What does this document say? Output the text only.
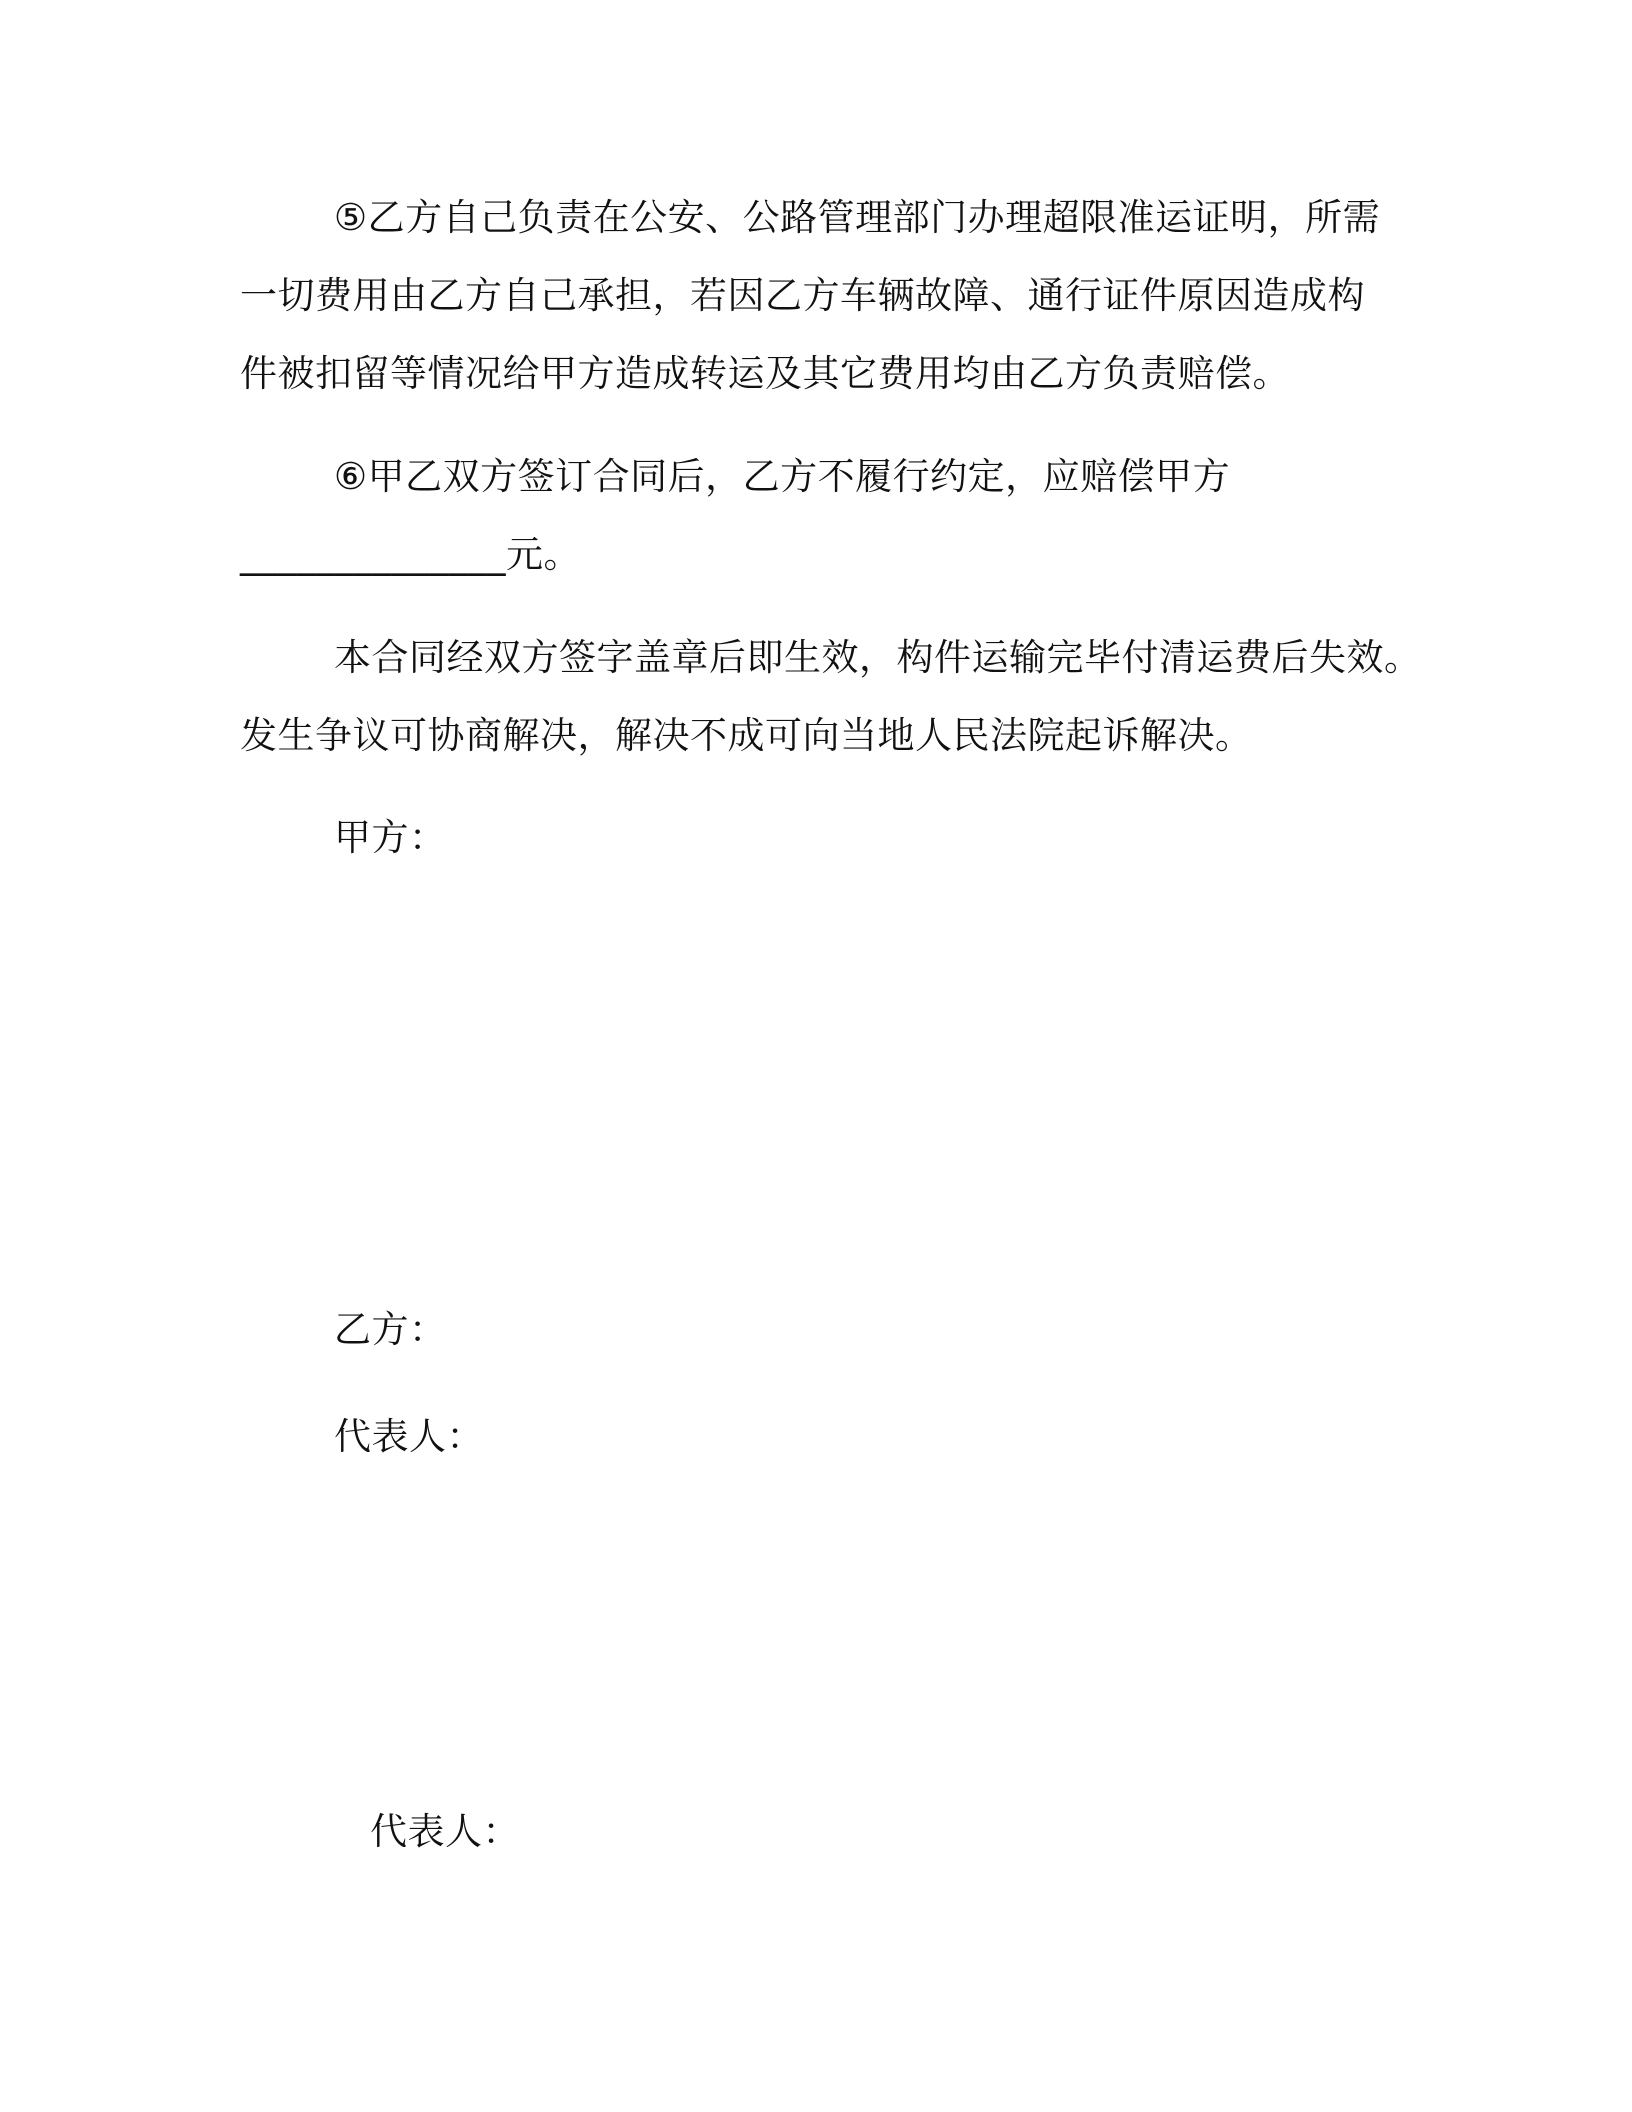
⑤乙方自己负责在公安、公路管理部门办理超限准运证明，所需
一切费用由乙方自己承担，若因乙方车辆故障、通行证件原因造成构
件被扣留等情况给甲方造成转运及其它费用均由乙方负责赔偿。
⑥甲乙双方签订合同后，乙方不履行约定，应赔偿甲方
______________元。
本合同经双方签字盖章后即生效，构件运输完毕付清运费后失效。
发生争议可协商解决，解决不成可向当地人民法院起诉解决。
甲方：
乙方：
代表人：
代表人：
